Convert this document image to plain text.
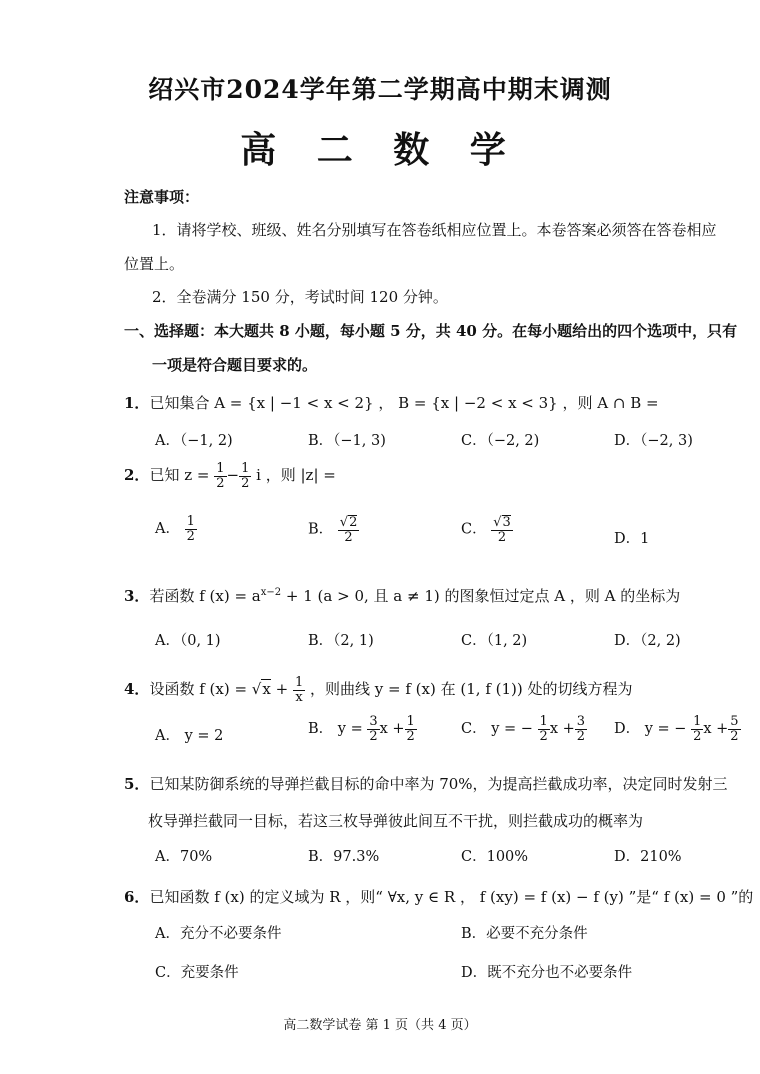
绍兴市2024学年第二学期高中期末调测
高 二 数 学
注意事项：
1．请将学校、班级、姓名分别填写在答卷纸相应位置上。本卷答案必须答在答卷相应
位置上。
2．全卷满分 150 分，考试时间 120 分钟。
一、选择题：本大题共 8 小题，每小题 5 分，共 40 分。在每小题给出的四个选项中，只有
一项是符合题目要求的。
1．已知集合 A = {x | −1 < x < 2} ， B = {x | −2 < x < 3} ，则 A ∩ B =
A．（−1, 2)	B．（−1, 3)	C．（−2, 2)	D．（−2, 3)
2．已知 $z = \frac{1}{2} - \frac{1}{2}$ i ，则 |z| =
A． $\frac{1}{2}$	B． $\frac{√2}{2}$	C． $\frac{√3}{2}$	D．1
3．若函数 f $(x) = a^{x-2} + 1$ (a > 0, 且 a ≠ 1) 的图象恒过定点 A ，则 A 的坐标为
A．（0, 1)	B．（2, 1)	C．（1, 2)	D．（2, 2)
4．设函数 f $(x) = √x + \frac{1}{x}$ ，则曲线 y = f (x) 在 (1, f (1)) 处的切线方程为
A． y = 2	B． $y = \frac{3}{2}$ $x + \frac{1}{2}$	C． y = − $\frac{1}{2}$ $x + \frac{3}{2}$ D． y = − $\frac{1}{2}$ $x + \frac{5}{2}$
5．已知某防御系统的导弹拦截目标的命中率为 70%，为提高拦截成功率，决定同时发射三
枚导弹拦截同一目标，若这三枚导弹彼此间互不干扰，则拦截成功的概率为
A．70%	B．97.3%	C．100%	D．210%
6．已知函数 f (x) 的定义域为 R ，则“ ∀x, y ∈ R ， f (xy) = f (x) − f (y) ”是“ f (x) = 0 ”的
A．充分不必要条件	B．必要不充分条件
C．充要条件	D．既不充分也不必要条件
高二数学试卷 第 1 页（共 4 页）
